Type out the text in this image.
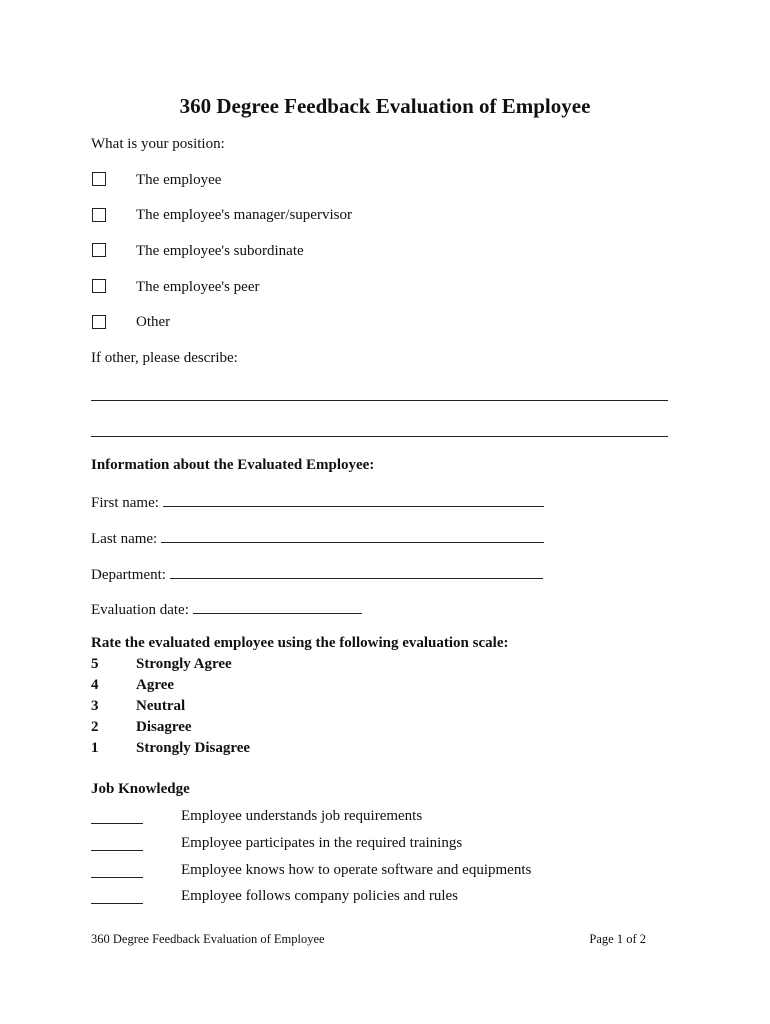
360 Degree Feedback Evaluation of Employee
What is your position:
The employee
The employee's manager/supervisor
The employee's subordinate
The employee's peer
Other
If other, please describe:
Information about the Evaluated Employee:
First name:
Last name:
Department:
Evaluation date:
Rate the evaluated employee using the following evaluation scale:
5	Strongly Agree
4	Agree
3	Neutral
2	Disagree
1	Strongly Disagree
Job Knowledge
Employee understands job requirements
Employee participates in the required trainings
Employee knows how to operate software and equipments
Employee follows company policies and rules
360 Degree Feedback Evaluation of Employee	Page 1 of 2
